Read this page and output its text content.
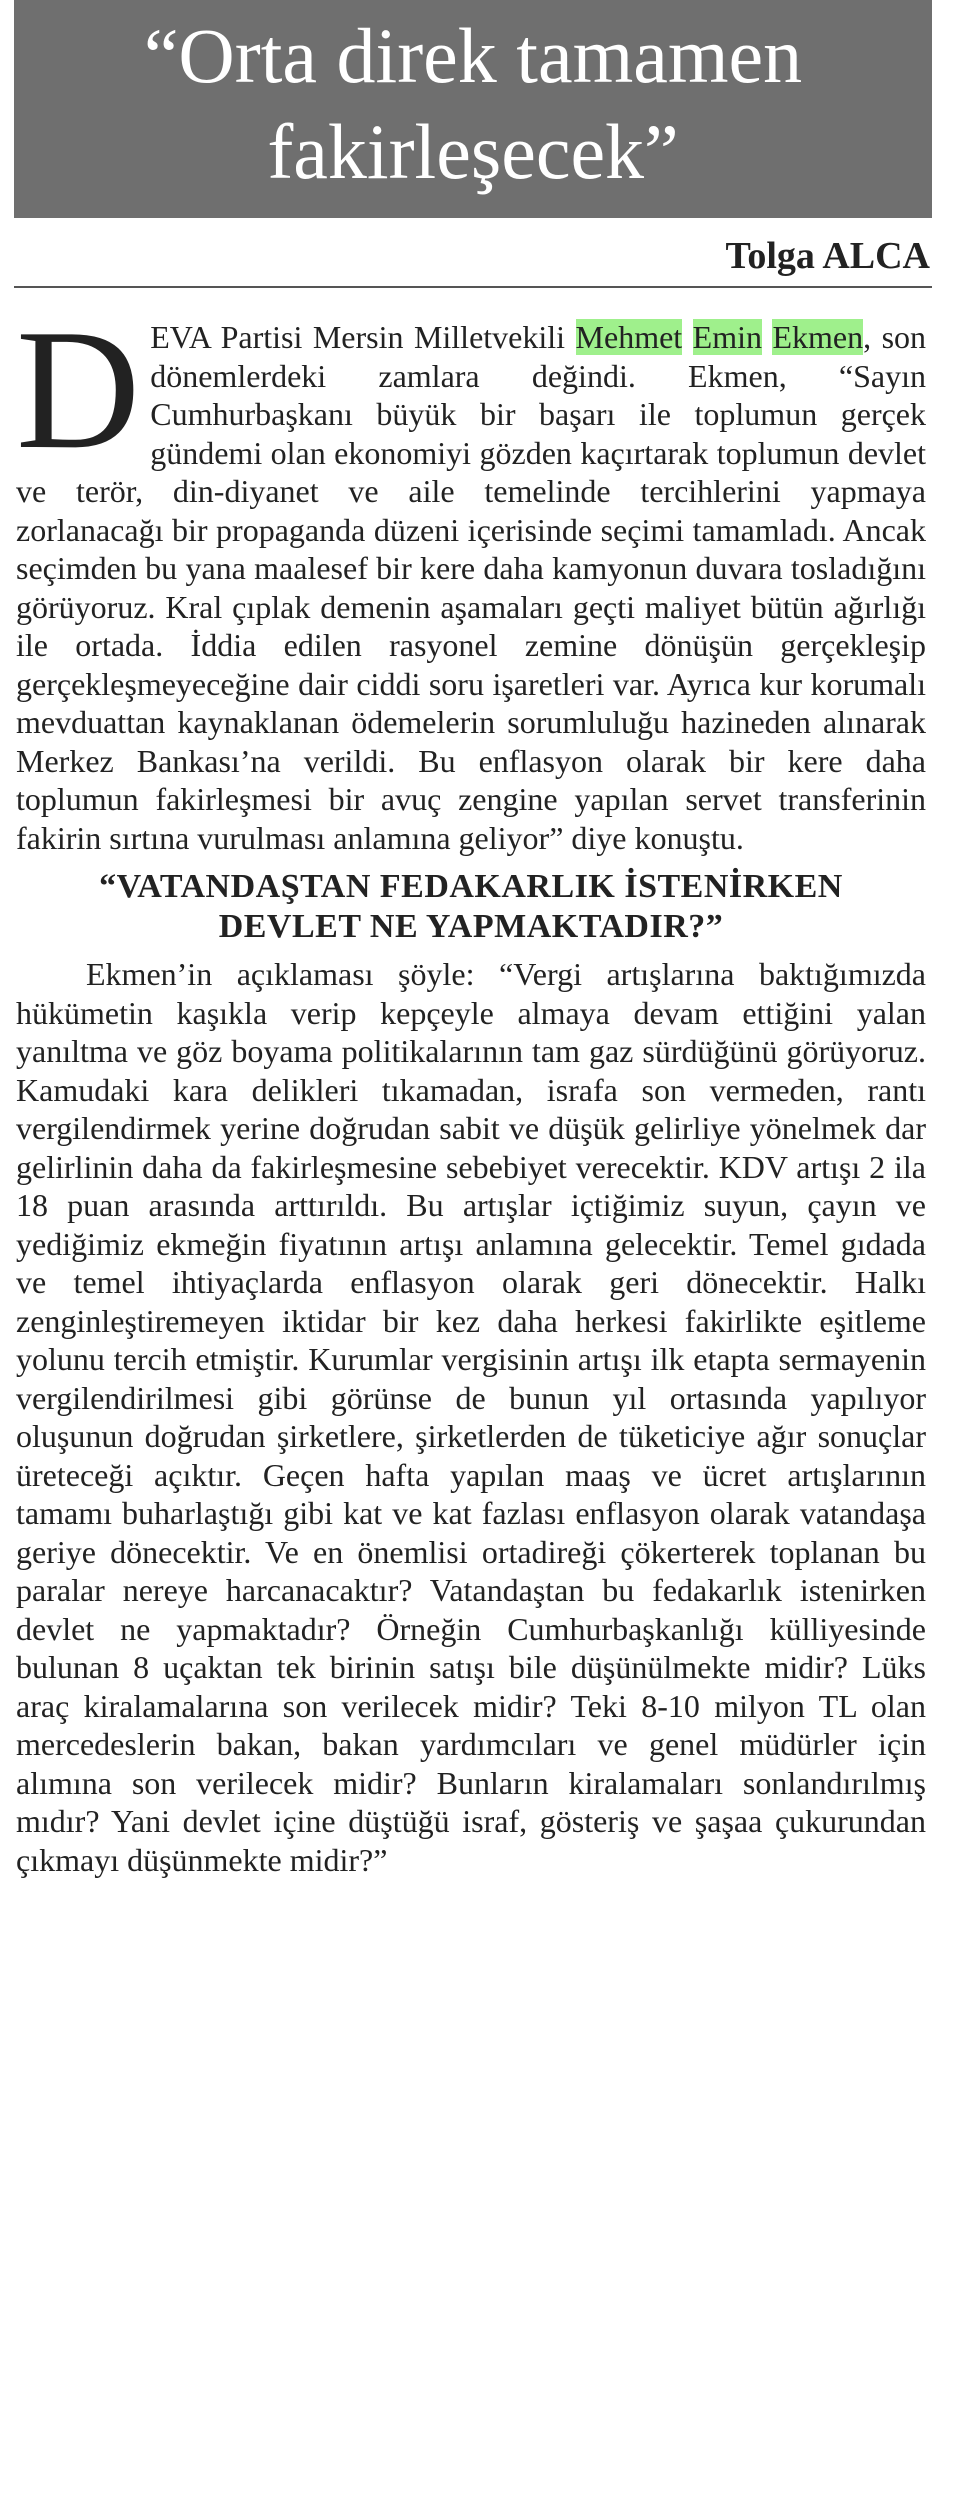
“Orta direk tamamen
fakirleşecek”
Tolga ALCA

DEVA Partisi Mersin Milletvekili Mehmet Emin Ekmen, son dönemlerdeki zamlara değindi. Ekmen, “Sayın Cumhurbaşkanı büyük bir başarı ile toplumun gerçek gündemi olan ekonomiyi gözden kaçırtarak toplumun devlet ve terör, din-diyanet ve aile temelinde tercihlerini yapmaya zorlanacağı bir propaganda düzeni içerisinde seçimi tamamladı. Ancak seçimden bu yana maalesef bir kere daha kamyonun duvara tosladığını görüyoruz. Kral çıplak demenin aşamaları geçti maliyet bütün ağırlığı ile ortada. İddia edilen rasyonel zemine dönüşün gerçekleşip gerçekleşmeyeceğine dair ciddi soru işaretleri var. Ayrıca kur korumalı mevduattan kaynaklanan ödemelerin sorumluluğu hazineden alınarak Merkez Bankası’na verildi. Bu enflasyon olarak bir kere daha toplumun fakirleşmesi bir avuç zengine yapılan servet transferinin fakirin sırtına vurulması anlamına geliyor” diye konuştu.

“VATANDAŞTAN FEDAKARLIK İSTENİRKEN
DEVLET NE YAPMAKTADIR?”

Ekmen’in açıklaması şöyle: “Vergi artışlarına baktığımızda hükümetin kaşıkla verip kepçeyle almaya devam ettiğini yalan yanıltma ve göz boyama politikalarının tam gaz sürdüğünü görüyoruz. Kamudaki kara delikleri tıkamadan, israfa son vermeden, rantı vergilendirmek yerine doğrudan sabit ve düşük gelirliye yönelmek dar gelirlinin daha da fakirleşmesine sebebiyet verecektir. KDV artışı 2 ila 18 puan arasında arttırıldı. Bu artışlar içtiğimiz suyun, çayın ve yediğimiz ekmeğin fiyatının artışı anlamına gelecektir. Temel gıdada ve temel ihtiyaçlarda enflasyon olarak geri dönecektir. Halkı zenginleştiremeyen iktidar bir kez daha herkesi fakirlikte eşitleme yolunu tercih etmiştir. Kurumlar vergisinin artışı ilk etapta sermayenin vergilendirilmesi gibi görünse de bunun yıl ortasında yapılıyor oluşunun doğrudan şirketlere, şirketlerden de tüketiciye ağır sonuçlar üreteceği açıktır. Geçen hafta yapılan maaş ve ücret artışlarının tamamı buharlaştığı gibi kat ve kat fazlası enflasyon olarak vatandaşa geriye dönecektir. Ve en önemlisi ortadireği çökerterek toplanan bu paralar nereye harcanacaktır? Vatandaştan bu fedakarlık istenirken devlet ne yapmaktadır? Örneğin Cumhurbaşkanlığı külliyesinde bulunan 8 uçaktan tek birinin satışı bile düşünülmekte midir? Lüks araç kiralamalarına son verilecek midir? Teki 8-10 milyon TL olan mercedeslerin bakan, bakan yardımcıları ve genel müdürler için alımına son verilecek midir? Bunların kiralamaları sonlandırılmış mıdır? Yani devlet içine düştüğü israf, gösteriş ve şaşaa çukurundan çıkmayı düşünmekte midir?”
